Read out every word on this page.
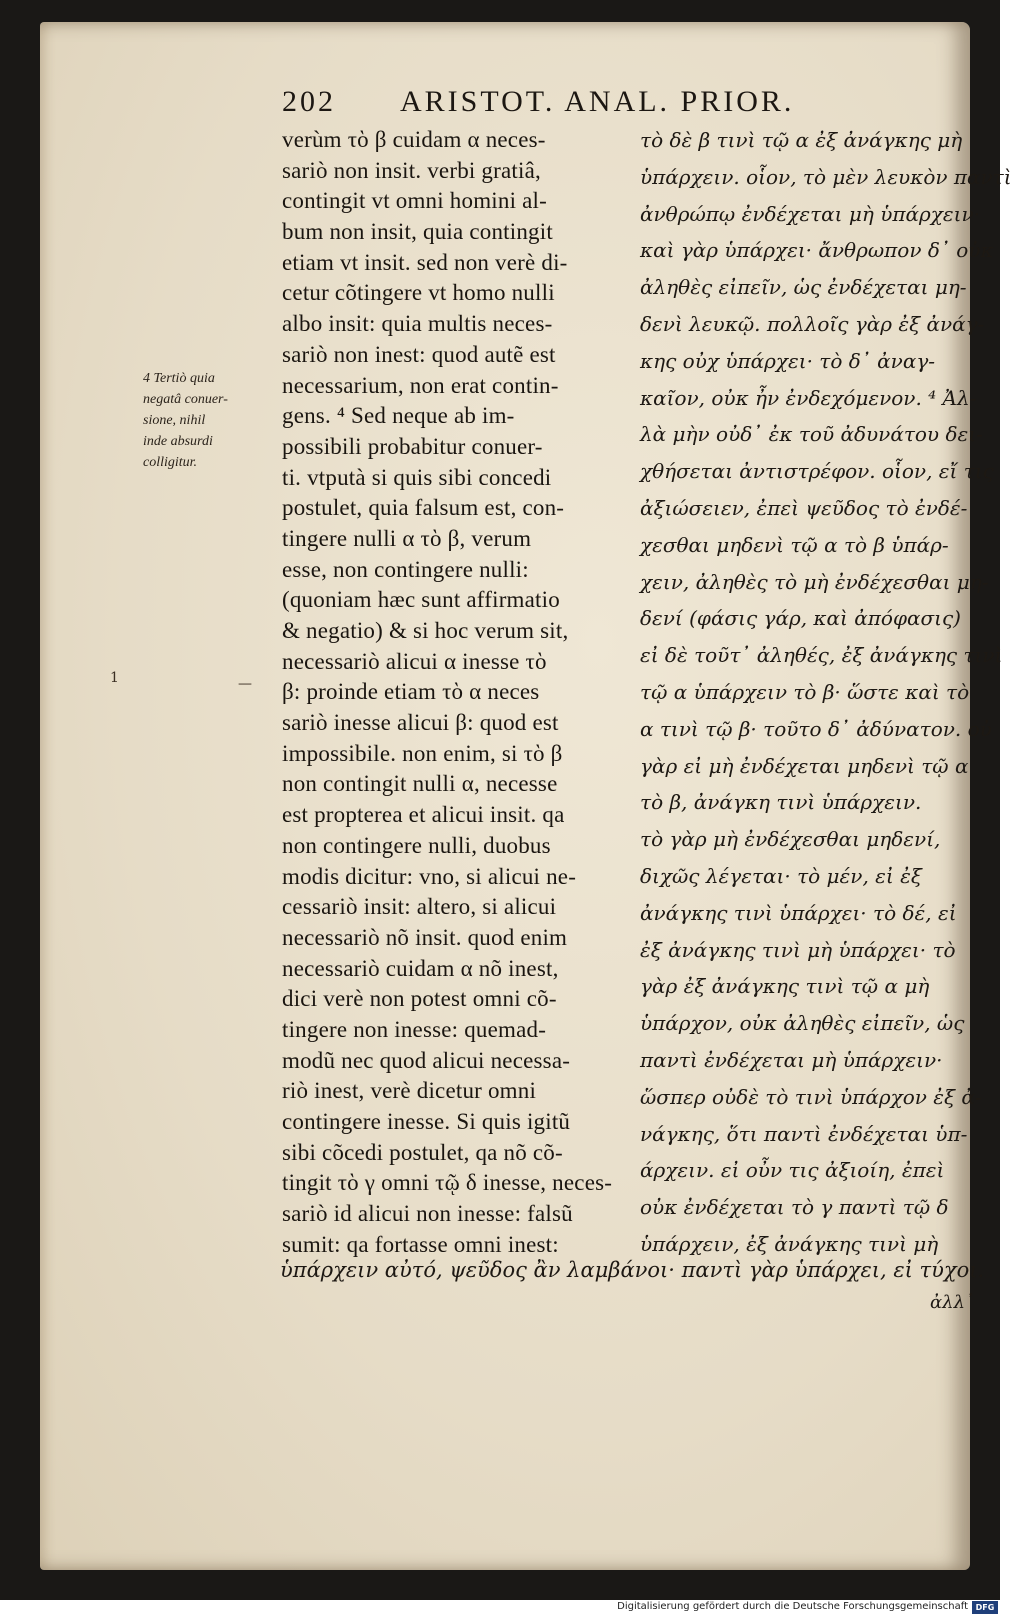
202 ARISTOT. ANAL. PRIOR.
4 Tertiò quia
negatâ conuer-
sione, nihil
inde absurdi
colligitur.
1	—
verùm τὸ β cuidam α neces-
sariò non insit. verbi gratiâ,
contingit vt omni homini al-
bum non insit, quia contingit
etiam vt insit. sed non verè di-
cetur cõtingere vt homo nulli
albo insit: quia multis neces-
sariò non inest: quod autẽ est
necessarium, non erat contin-
gens. ⁴ Sed neque ab im-
possibili probabitur conuer-
ti. vtputà si quis sibi concedi
postulet, quia falsum est, con-
tingere nulli α τὸ β, verum
esse, non contingere nulli:
(quoniam hæc sunt affirmatio
& negatio) & si hoc verum sit,
necessariò alicui α inesse τὸ
β: proinde etiam τὸ α neces
sariò inesse alicui β: quod est
impossibile. non enim, si τὸ β
non contingit nulli α, necesse
est propterea et alicui insit. qa
non contingere nulli, duobus
modis dicitur: vno, si alicui ne-
cessariò insit: altero, si alicui
necessariò nõ insit. quod enim
necessariò cuidam α nõ inest,
dici verè non potest omni cõ-
tingere non inesse: quemad-
modũ nec quod alicui necessa-
riò inest, verè dicetur omni
contingere inesse. Si quis igitũ
sibi cõcedi postulet, qa nõ cõ-
tingit τὸ γ omni τῷ δ inesse, neces-
sariò id alicui non inesse: falsũ
sumit: qa fortasse omni inest:
τὸ δὲ β τινὶ τῷ α ἐξ ἀνάγκης μὴ
ὑπάρχειν. οἷον, τὸ μὲν λευκὸν παντὶ
ἀνθρώπῳ ἐνδέχεται μὴ ὑπάρχειν·
καὶ γὰρ ὑπάρχει· ἄνθρωπον δ᾽ οὐκ
ἀληθὲς εἰπεῖν, ὡς ἐνδέχεται μη-
δενὶ λευκῷ. πολλοῖς γὰρ ἐξ ἀνάγ-
κης οὐχ ὑπάρχει· τὸ δ᾽ ἀναγ-
καῖον, οὐκ ἦν ἐνδεχόμενον. ⁴ Ἀλ-
λὰ μὴν οὐδ᾽ ἐκ τοῦ ἀδυνάτου δει-
χθήσεται ἀντιστρέφον. οἷον, εἴ τις
ἀξιώσειεν, ἐπεὶ ψεῦδος τὸ ἐνδέ-
χεσθαι μηδενὶ τῷ α τὸ β ὑπάρ-
χειν, ἀληθὲς τὸ μὴ ἐνδέχεσθαι μη-
δενί (φάσις γάρ, καὶ ἀπόφασις)
εἰ δὲ τοῦτ᾽ ἀληθές, ἐξ ἀνάγκης τινὶ
τῷ α ὑπάρχειν τὸ β· ὥστε καὶ τὸ
α τινὶ τῷ β· τοῦτο δ᾽ ἀδύνατον. οὐ
γὰρ εἰ μὴ ἐνδέχεται μηδενὶ τῷ α
τὸ β, ἀνάγκη τινὶ ὑπάρχειν.
τὸ γὰρ μὴ ἐνδέχεσθαι μηδενί,
διχῶς λέγεται· τὸ μέν, εἰ ἐξ
ἀνάγκης τινὶ ὑπάρχει· τὸ δέ, εἰ
ἐξ ἀνάγκης τινὶ μὴ ὑπάρχει· τὸ
γὰρ ἐξ ἀνάγκης τινὶ τῷ α μὴ
ὑπάρχον, οὐκ ἀληθὲς εἰπεῖν, ὡς
παντὶ ἐνδέχεται μὴ ὑπάρχειν·
ὥσπερ οὐδὲ τὸ τινὶ ὑπάρχον ἐξ ἀ-
νάγκης, ὅτι παντὶ ἐνδέχεται ὑπ-
άρχειν. εἰ οὖν τις ἀξιοίη, ἐπεὶ
οὐκ ἐνδέχεται τὸ γ παντὶ τῷ δ
ὑπάρχειν, ἐξ ἀνάγκης τινὶ μὴ
ὑπάρχειν αὐτό, ψεῦδος ἂν λαμβάνοι· παντὶ γὰρ ὑπάρχει, εἰ τύχοι.
ἀλλ᾽
Digitalisierung gefördert durch die Deutsche Forschungsgemeinschaft DFG
